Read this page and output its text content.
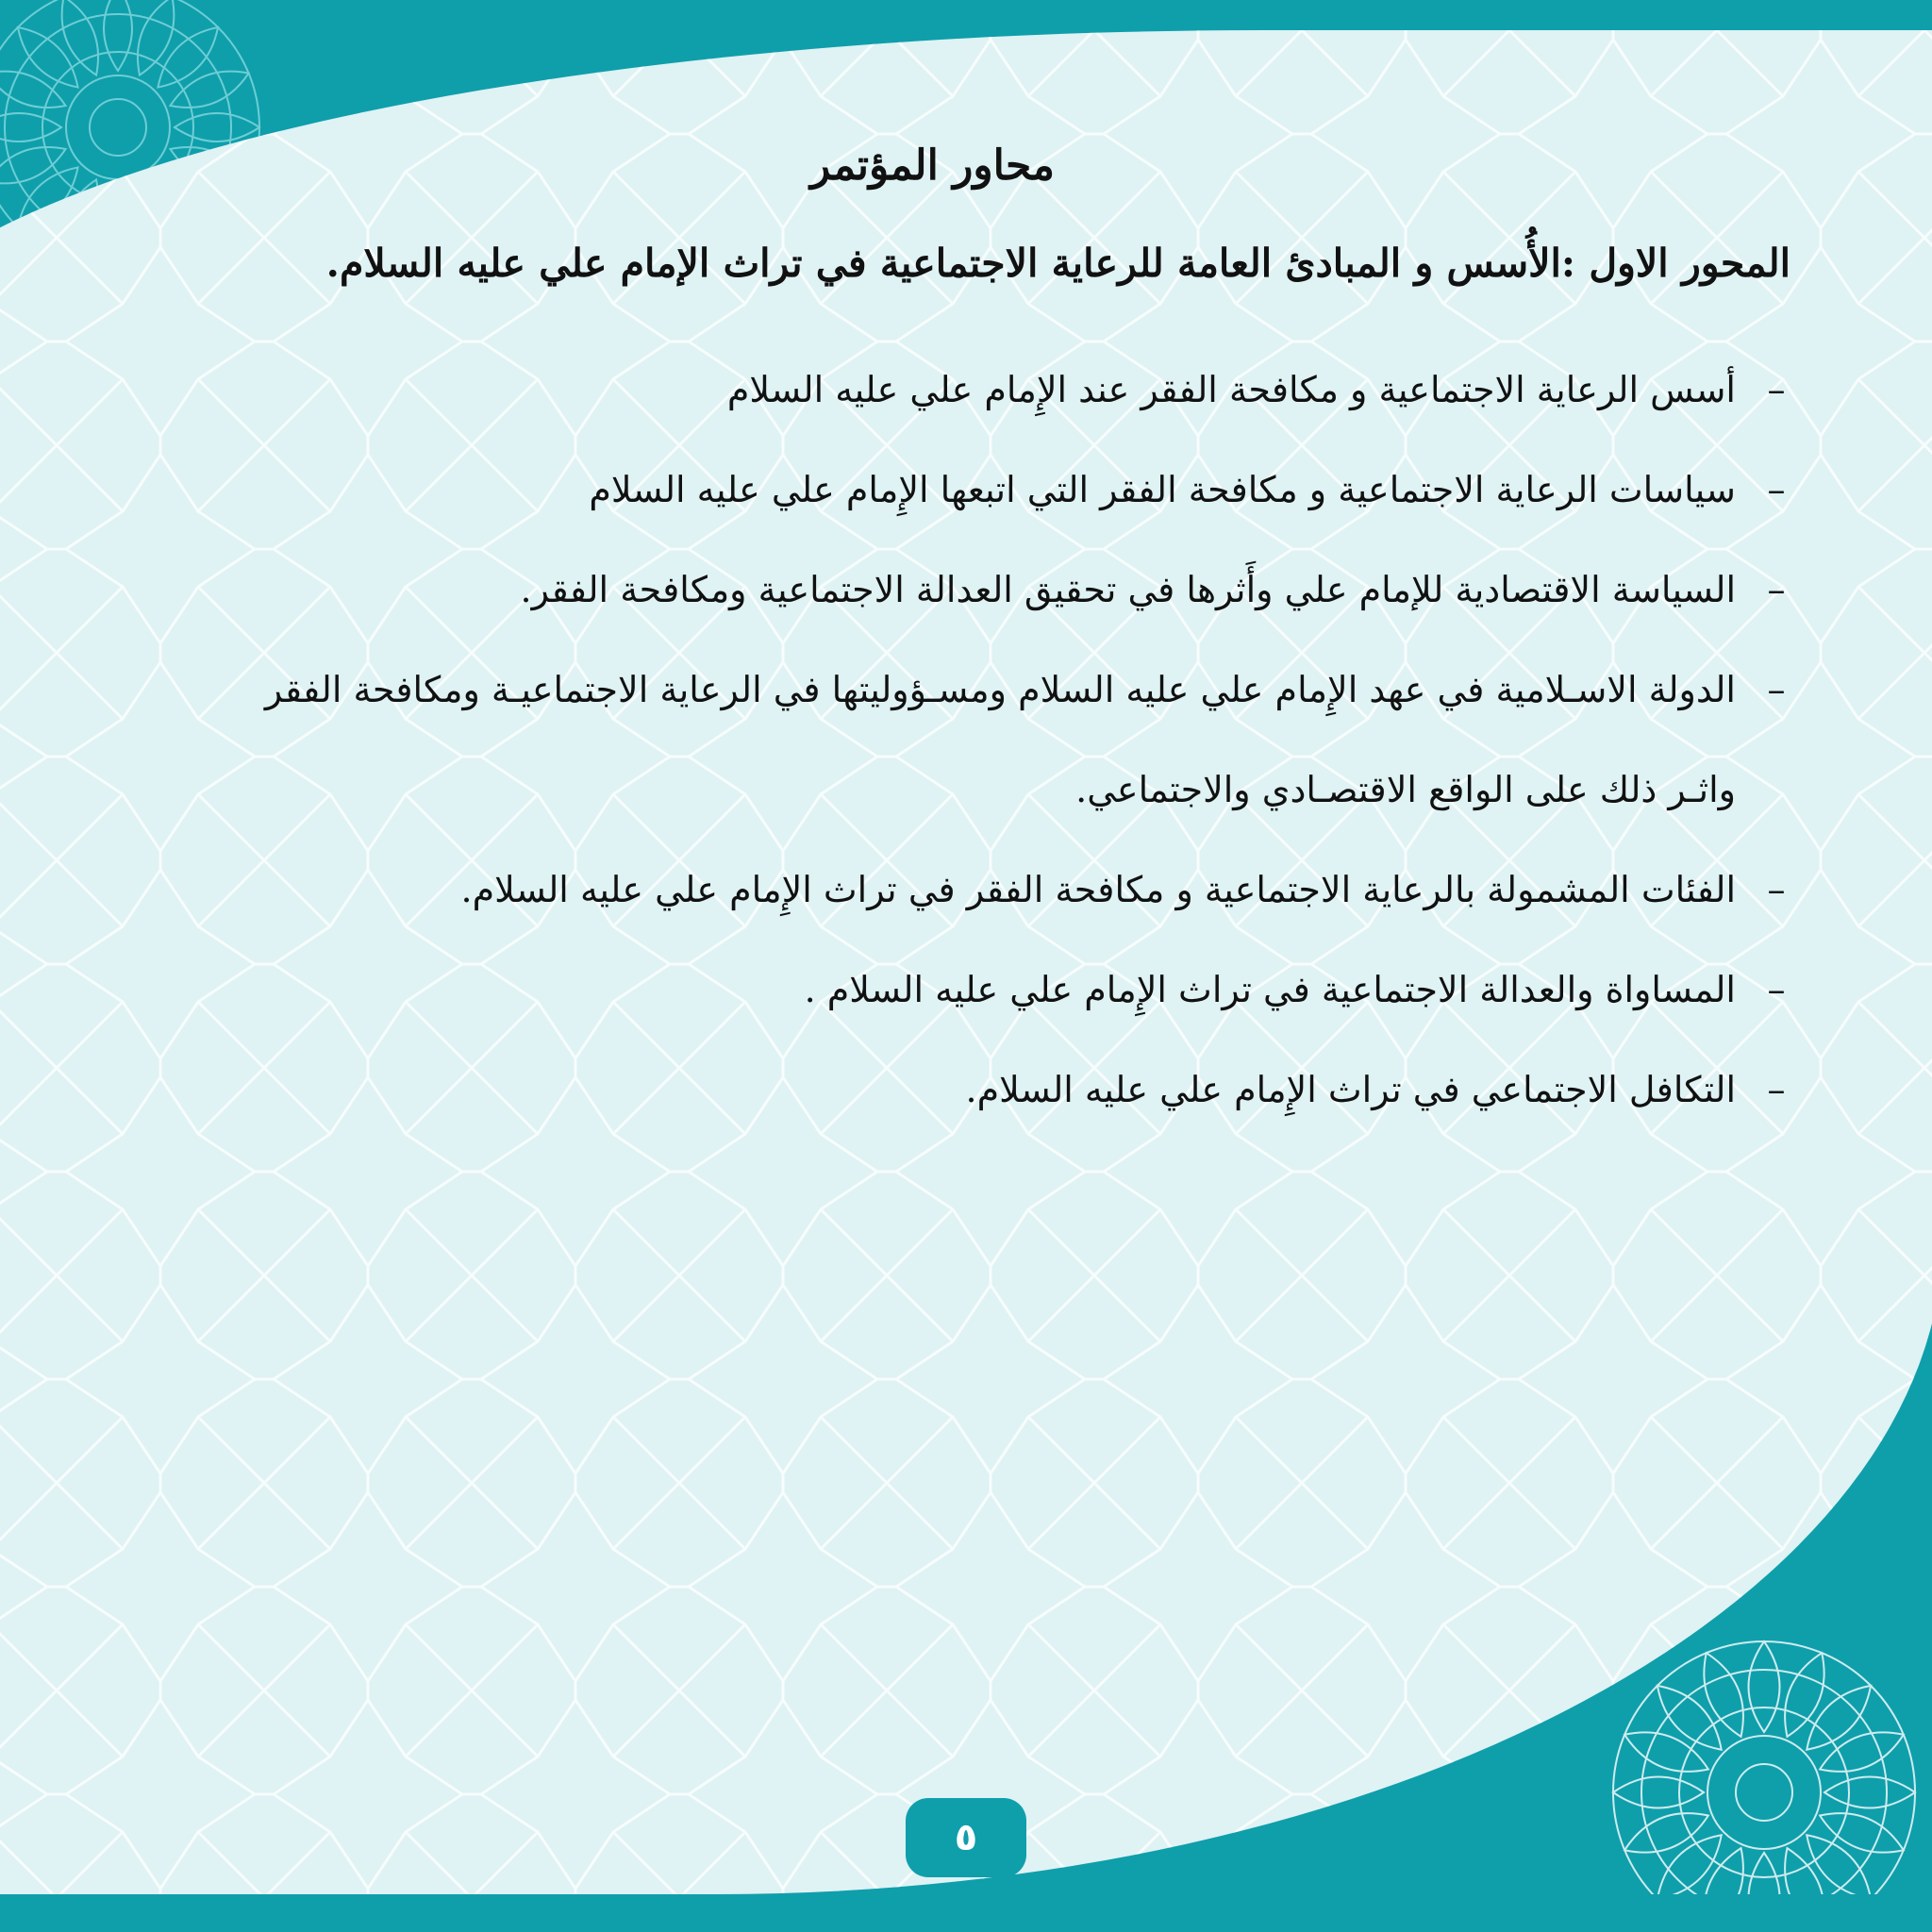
محاور المؤتمر
المحور الاول :الأُسس و المبادئ العامة للرعاية الاجتماعية في تراث الإمام علي عليه السلام.
–
أسس الرعاية الاجتماعية و مكافحة الفقر عند الإِمام علي عليه السلام
–
سياسات الرعاية الاجتماعية و مكافحة الفقر التي اتبعها الإِمام علي عليه السلام
–
السياسة الاقتصادية للإمام علي وأَثرها في تحقيق العدالة الاجتماعية ومكافحة الفقر.
–
الدولة الاسـلامية في عهد الإِمام علي عليه السلام ومسـؤوليتها في الرعاية الاجتماعيـة ومكافحة الفقر واثـر ذلك على الواقع الاقتصـادي والاجتماعي.
–
الفئات المشمولة بالرعاية الاجتماعية و مكافحة الفقر في تراث الإِمام علي عليه السلام.
–
المساواة والعدالة الاجتماعية في تراث الإِمام علي عليه السلام .
–
التكافل الاجتماعي في تراث الإِمام علي عليه السلام.
٥
